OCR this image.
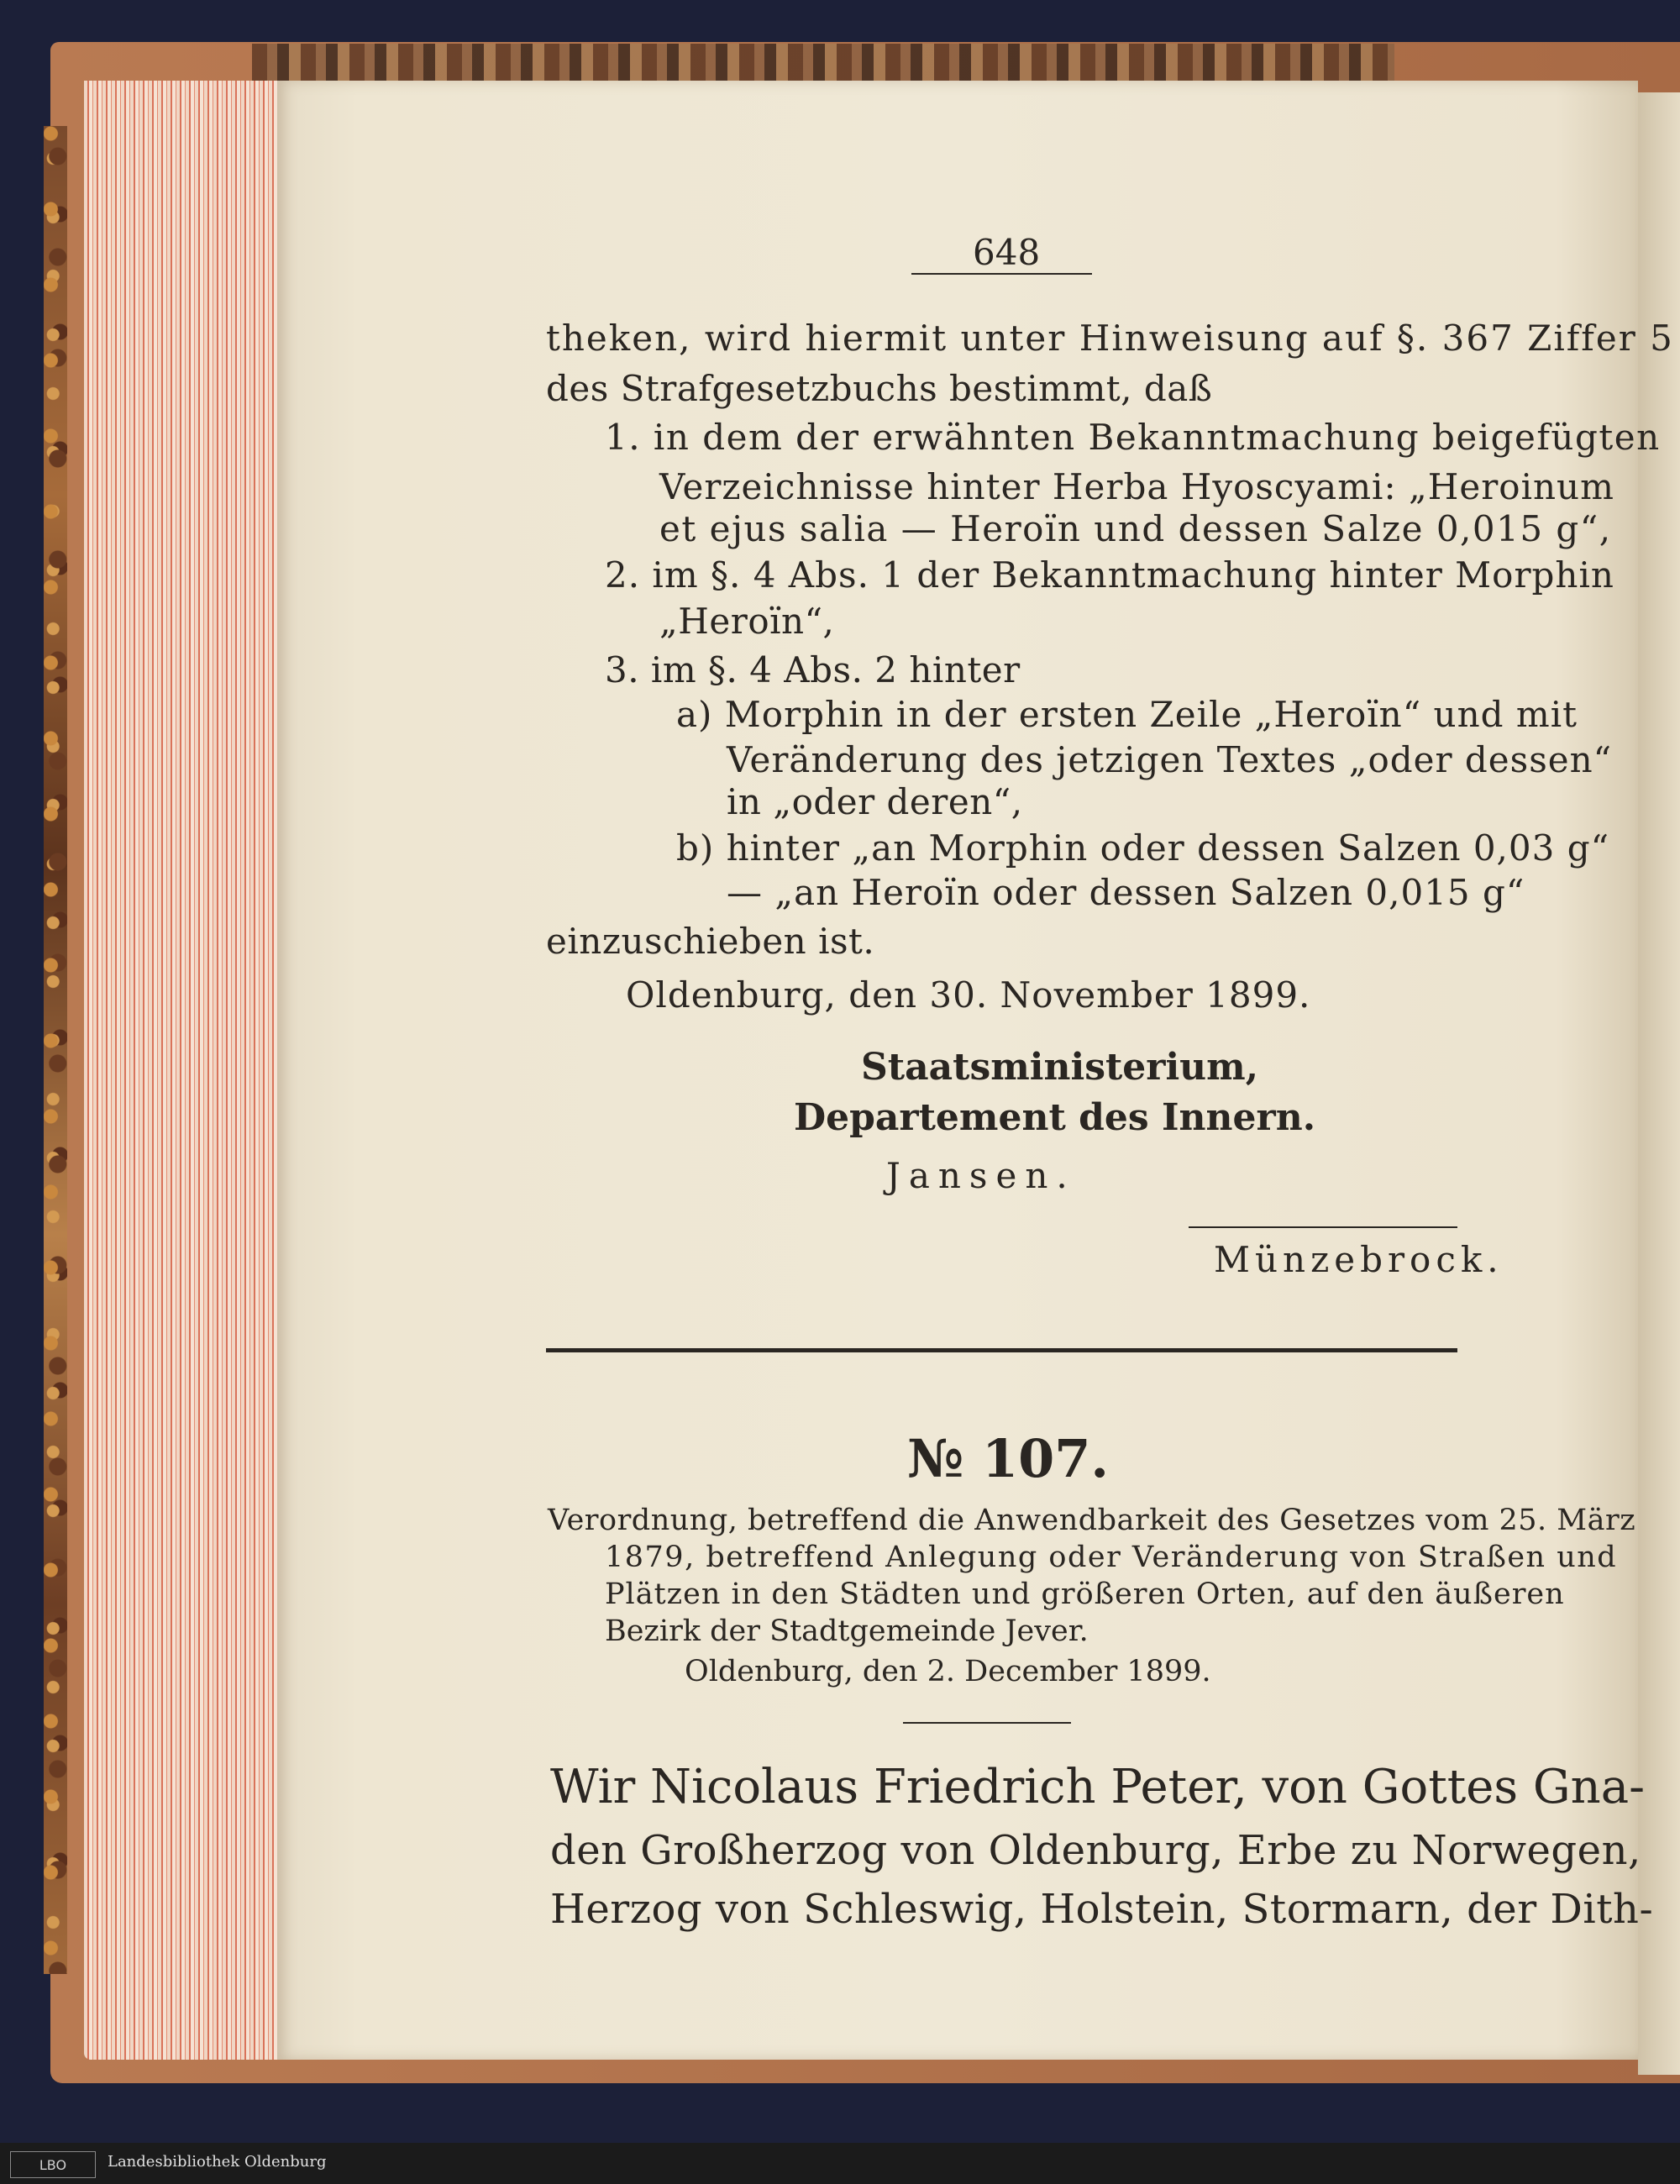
648
theken, wird hiermit unter Hinweisung auf §. 367 Ziffer 5
des Strafgesetzbuchs bestimmt, daß
1. in dem der erwähnten Bekanntmachung beigefügten
Verzeichnisse hinter Herba Hyoscyami: „Heroinum
et ejus salia — Heroïn und dessen Salze 0,015 g“,
2. im §. 4 Abs. 1 der Bekanntmachung hinter Morphin
„Heroïn“,
3. im §. 4 Abs. 2 hinter
a) Morphin in der ersten Zeile „Heroïn“ und mit
Veränderung des jetzigen Textes „oder dessen“
in „oder deren“,
b) hinter „an Morphin oder dessen Salzen 0,03 g“
— „an Heroïn oder dessen Salzen 0,015 g“
einzuschieben ist.
Oldenburg, den 30. November 1899.
Staatsministerium,
Departement des Innern.
Jansen.
Münzebrock.
№ 107.
Verordnung, betreffend die Anwendbarkeit des Gesetzes vom 25. März
1879, betreffend Anlegung oder Veränderung von Straßen und
Plätzen in den Städten und größeren Orten, auf den äußeren
Bezirk der Stadtgemeinde Jever.
Oldenburg, den 2. December 1899.
Wir Nicolaus Friedrich Peter, von Gottes Gna-
den Großherzog von Oldenburg, Erbe zu Norwegen,
Herzog von Schleswig, Holstein, Stormarn, der Dith-
LBO	Landesbibliothek Oldenburg
